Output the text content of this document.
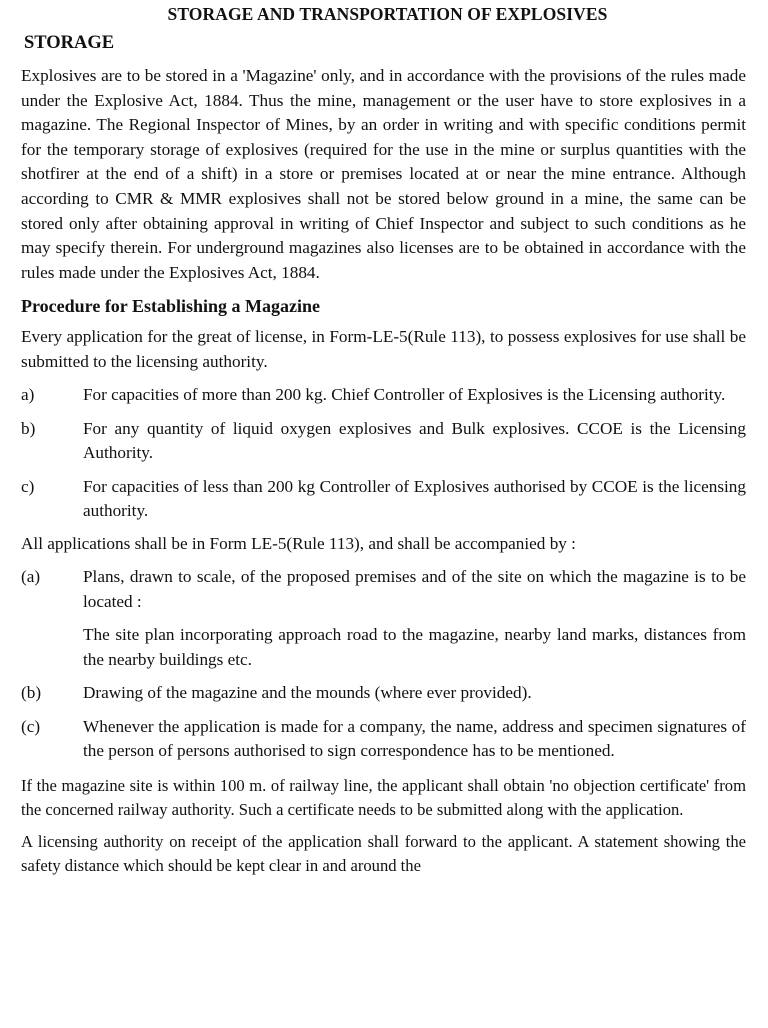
STORAGE AND TRANSPORTATION OF EXPLOSIVES
STORAGE
Explosives are to be stored in a 'Magazine' only, and in accordance with the provisions of the rules made under the Explosive Act, 1884. Thus the mine, management or the user have to store explosives in a magazine. The Regional Inspector of Mines, by an order in writing and with specific conditions permit for the temporary storage of explosives (required for the use in the mine or surplus quantities with the shotfirer at the end of a shift) in a store or premises located at or near the mine entrance. Although according to CMR & MMR explosives shall not be stored below ground in a mine, the same can be stored only after obtaining approval in writing of Chief Inspector and subject to such conditions as he may specify therein. For underground magazines also licenses are to be obtained in accordance with the rules made under the Explosives Act, 1884.
Procedure for Establishing a Magazine
Every application for the great of license, in Form-LE-5(Rule 113), to possess explosives for use shall be submitted to the licensing authority.
a)	For capacities of more than 200 kg. Chief Controller of Explosives is the Licensing authority.
b)	For any quantity of liquid oxygen explosives and Bulk explosives. CCOE is the Licensing Authority.
c)	For capacities of less than 200 kg Controller of Explosives authorised by CCOE is the licensing authority.
All applications shall be in Form LE-5(Rule 113), and shall be accompanied by :
(a)	Plans, drawn to scale, of the proposed premises and of the site on which the magazine is to be located :
The site plan incorporating approach road to the magazine, nearby land marks, distances from the nearby buildings etc.
(b)	Drawing of the magazine and the mounds (where ever provided).
(c)	Whenever the application is made for a company, the name, address and specimen signatures of the person of persons authorised to sign correspondence has to be mentioned.
If the magazine site is within 100 m. of railway line, the applicant shall obtain 'no objection certificate' from the concerned railway authority. Such a certificate needs to be submitted along with the application.
A licensing authority on receipt of the application shall forward to the applicant. A statement showing the safety distance which should be kept clear in and around the
